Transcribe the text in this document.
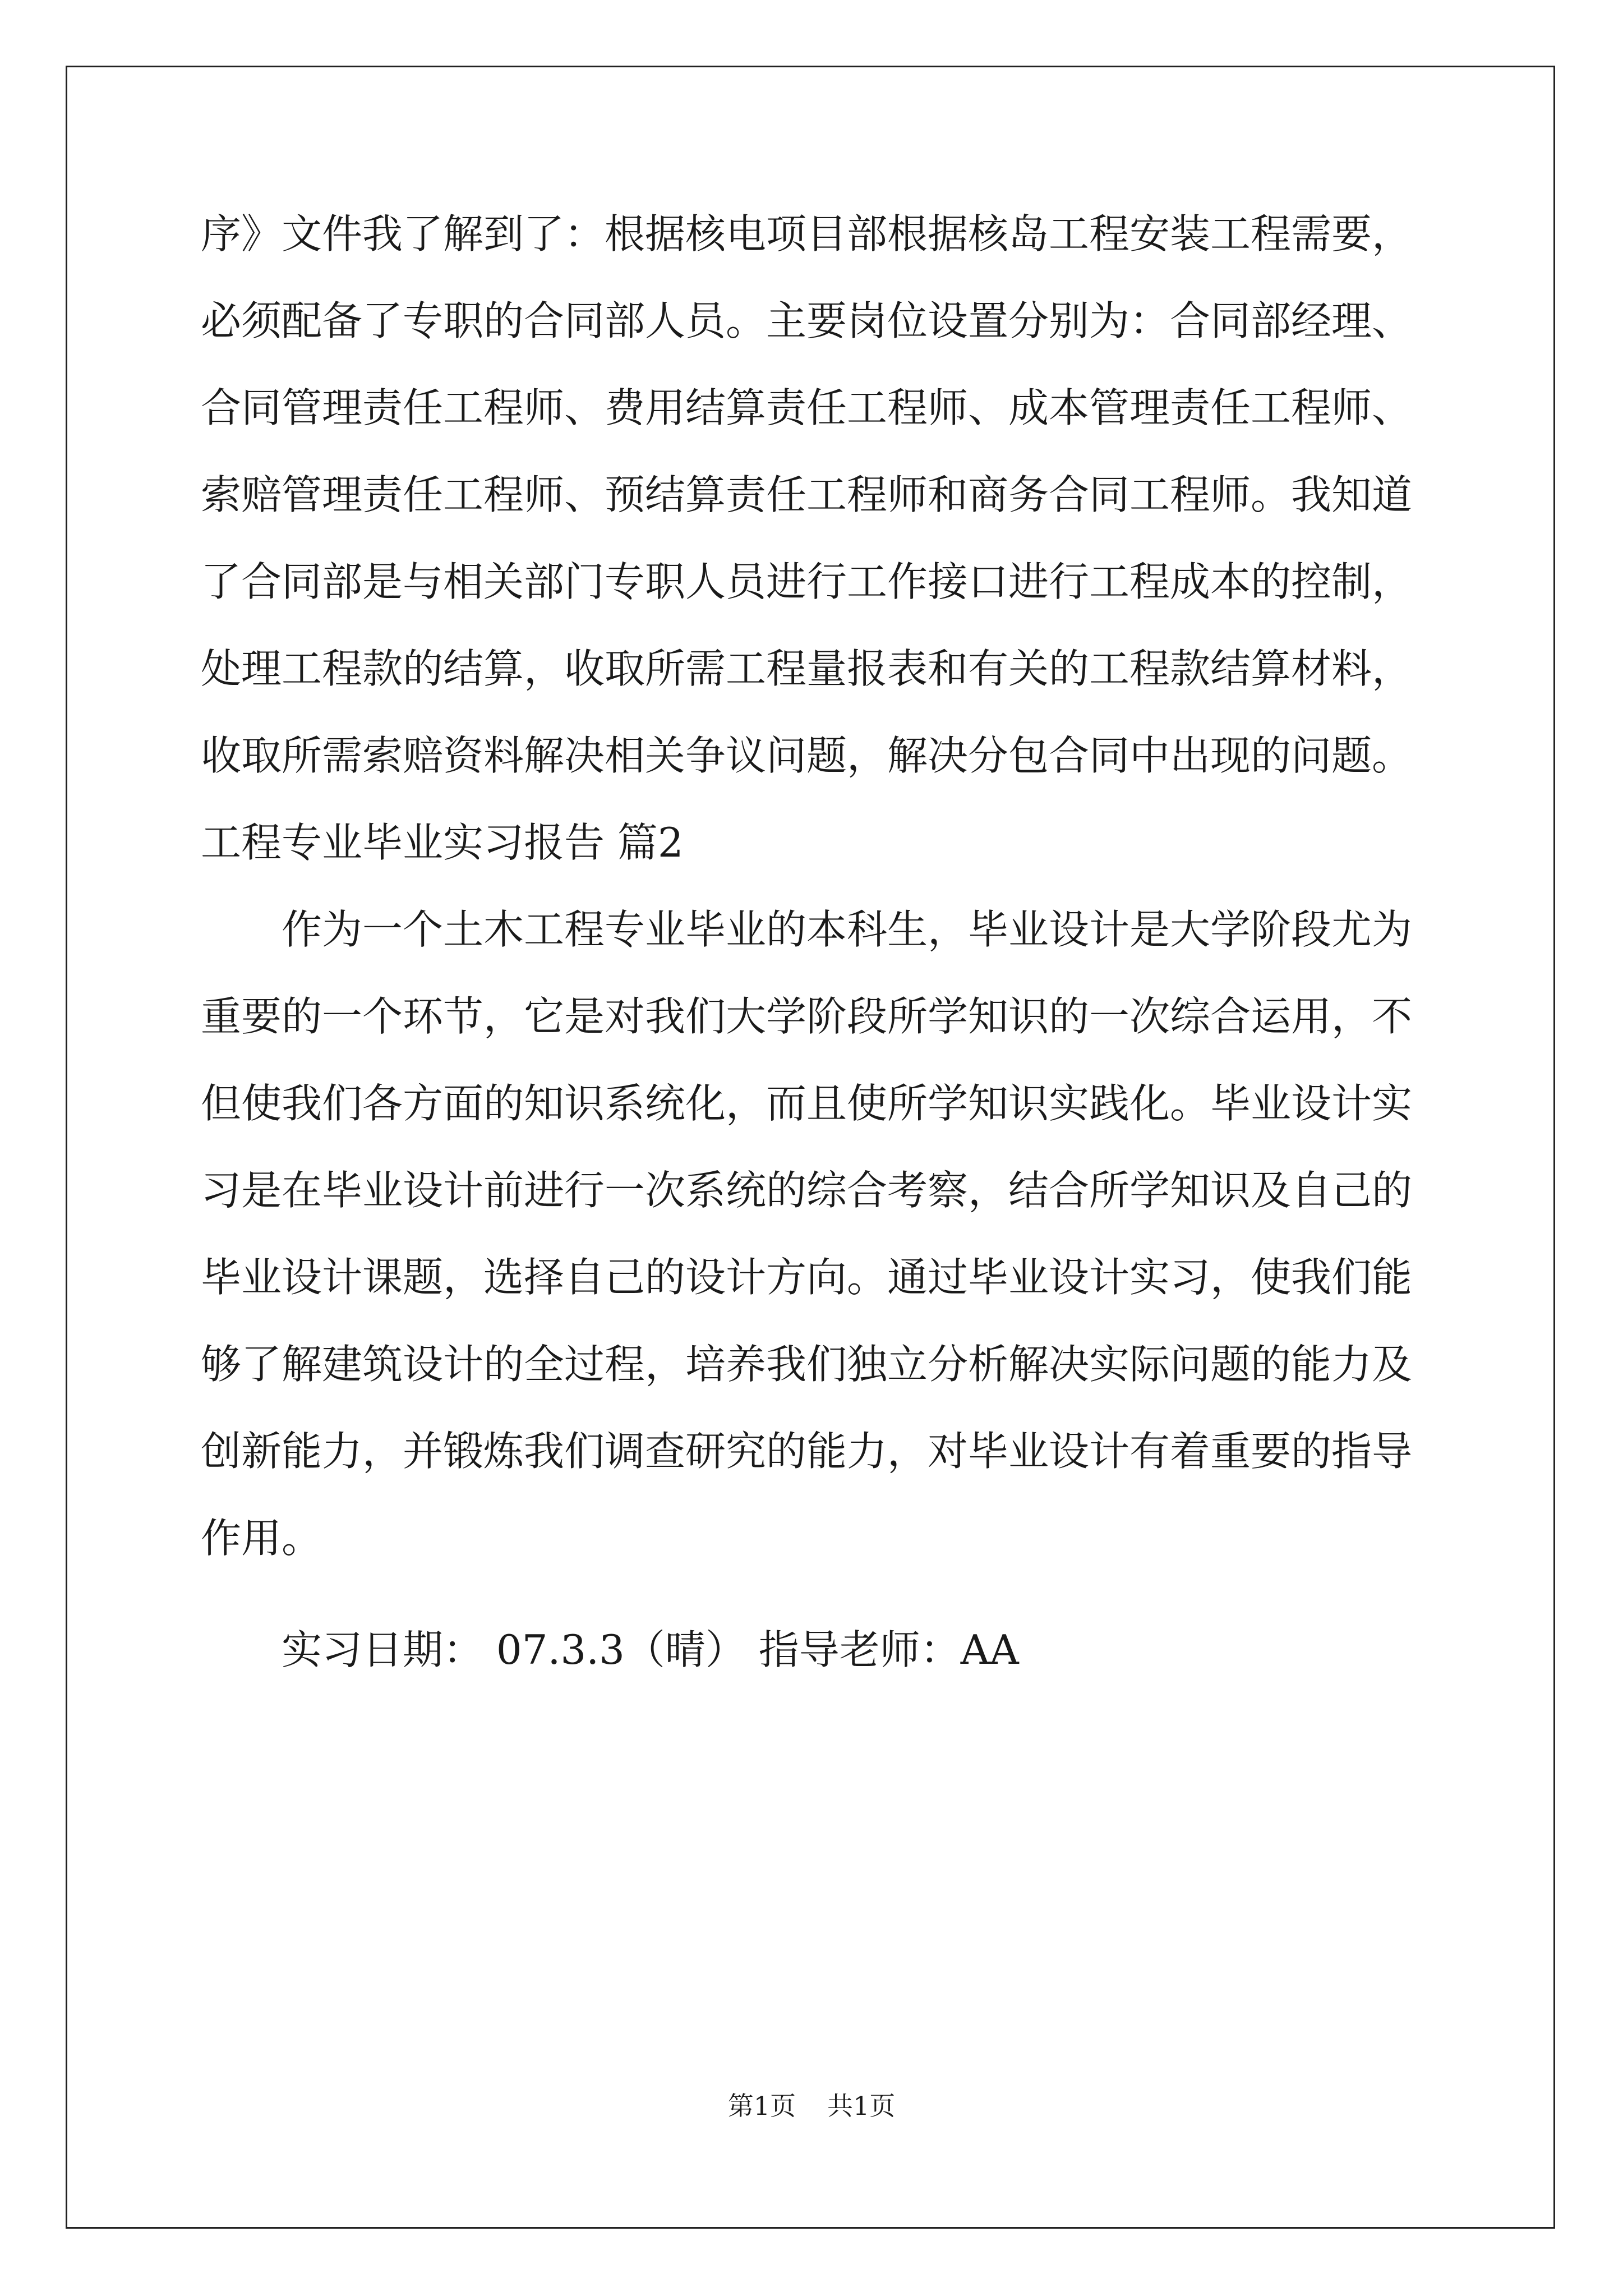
序》文件我了解到了：根据核电项目部根据核岛工程安装工程需要，
必须配备了专职的合同部人员。主要岗位设置分别为：合同部经理、
合同管理责任工程师、费用结算责任工程师、成本管理责任工程师、
索赔管理责任工程师、预结算责任工程师和商务合同工程师。我知道
了合同部是与相关部门专职人员进行工作接口进行工程成本的控制，
处理工程款的结算，收取所需工程量报表和有关的工程款结算材料，
收取所需索赔资料解决相关争议问题，解决分包合同中出现的问题。
工程专业毕业实习报告 篇2
作为一个土木工程专业毕业的本科生，毕业设计是大学阶段尤为
重要的一个环节，它是对我们大学阶段所学知识的一次综合运用，不
但使我们各方面的知识系统化，而且使所学知识实践化。毕业设计实
习是在毕业设计前进行一次系统的综合考察，结合所学知识及自己的
毕业设计课题，选择自己的设计方向。通过毕业设计实习，使我们能
够了解建筑设计的全过程，培养我们独立分析解决实际问题的能力及
创新能力，并锻炼我们调查研究的能力，对毕业设计有着重要的指导
作用。
实习日期： 07.3.3（晴） 指导老师：AA
第1页 共1页
